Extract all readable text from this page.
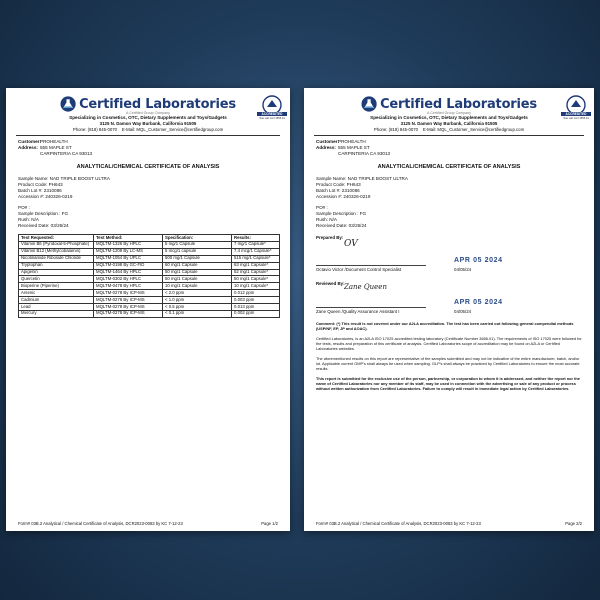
Certified Laboratories
A Certified Group Company
Specializing in Cosmetics, OTC, Dietary Supplements and Toys/Gadgets
3125 N. Damon Way Burbank, California 91505
Phone: (818) 845-0070 E-Mail: MQL_Customer_Service@certifiedgroup.com
ACCREDITED
Test Lab Cert 3656.01
Customer:PROHEALTH
Address: 555 MAPLE ST
CARPINTERIA CA 93013
ANALYTICAL/CHEMICAL CERTIFICATE OF ANALYSIS
Sample Name: NAD TRIPLE BOOST ULTRA
Product Code: PH643
Batch Lot #: 2310086
Accession #: 240326-0219
PO# :
Sample Description : FG
Rush: N/A
Received Date: 03/26/24
Test Requested:	Test Method:	Specification:	Results:
Vitamin B6 (Pyridoxal-5-Phosphate)	MQLTM-1326 By HPLC	5 mg/1 Capsule	7 mg/1 Capsule*
Vitamin B12 (Methylcobalamin)	MQLTM-1209 By LC-MS	5 mcg/1 capsule	7.4 mcg/1 Capsule*
Nicotinamide Riboside Chloride	MQLTM-1054 By UPLC	500 mg/1 Capsule	515 mg/1 Capsule*
Tryptophan	MQLTM-0198 By GC-FID	60 mg/1 Capsule	63 mg/1 Capsule*
Apigenin	MQLTM-1464 By HPLC	50 mg/1 Capsule	52 mg/1 Capsule*
Quercetin	MQLTM-0302 By HPLC	50 mg/1 Capsule	50 mg/1 Capsule*
Bioperine (Piperine)	MQLTM-0478 By HPLC	10 mg/1 Capsule	10 mg/1 Capsule*
Arsenic	MQLTM-0278 By ICP-MS	< 2.0 ppm	0.012 ppm
Cadmium	MQLTM-0278 By ICP-MS	< 1.0 ppm	0.003 ppm
Lead	MQLTM-0278 By ICP-MS	< 0.5 ppm	0.013 ppm
Mercury	MQLTM-0278 By ICP-MS	< 0.1 ppm	0.002 ppm
Form# 03B.2 Analytical / Chemical Certificate of Analysis, DCR2023-0083 by KC 7-12-23	Page 1/2
Certified Laboratories
A Certified Group Company
Specializing in Cosmetics, OTC, Dietary Supplements and Toys/Gadgets
3125 N. Damon Way Burbank, California 91505
Phone: (818) 845-0070 E-Mail: MQL_Customer_Service@certifiedgroup.com
ACCREDITED
Test Lab Cert 3656.01
Customer:PROHEALTH
Address: 555 MAPLE ST
CARPINTERIA CA 93013
ANALYTICAL/CHEMICAL CERTIFICATE OF ANALYSIS
Sample Name: NAD TRIPLE BOOST ULTRA
Product Code: PH643
Batch Lot #: 2310086
Accession #: 240326-0219
PO# :
Sample Description : FG
Rush: N/A
Received Date: 03/26/24
Prepared By:
OV
APR 05 2024
Octavio Victor /Document Control Specialist	04/05/24
Reviewed By: Zane Queen
APR 05 2024
Zane Queen /Quality Assurance Assistant I	04/05/24
Comment: (*) This result is not covered under our A2LA accreditation. The test has been carried out following general compendial methods (USP/NF, EP, JP and AOAC).
Certified Laboratories, is an A2LA ISO 17025 accredited testing laboratory (Certificate Number 3656.01). The requirements of ISO 17025 were followed for the tests, results and preparation of this certificate of analysis. Certified Laboratories scope of accreditation may be found on A2LA or Certified Laboratories websites.
The aforementioned results on this report are representative of the samples submitted and may not be indicative of the entire manufacturer, batch, and/or lot. Applicable current GMP's shall always be used when sampling. GLP's shall always be practiced by Certified Laboratories to ensure the most accurate results.
This report is submitted for the exclusive use of the person, partnership, or corporation to whom it is addressed, and neither the report nor the name of Certified Laboratories nor any member of its staff, may be used in connection with the advertising or sale of any product or process without written authorization from Certified Laboratories. Failure to comply will result in immediate legal action by Certified Laboratories.
Form# 03B.2 Analytical / Chemical Certificate of Analysis, DCR2023-0083 by KC 7-12-23	Page 2/2
